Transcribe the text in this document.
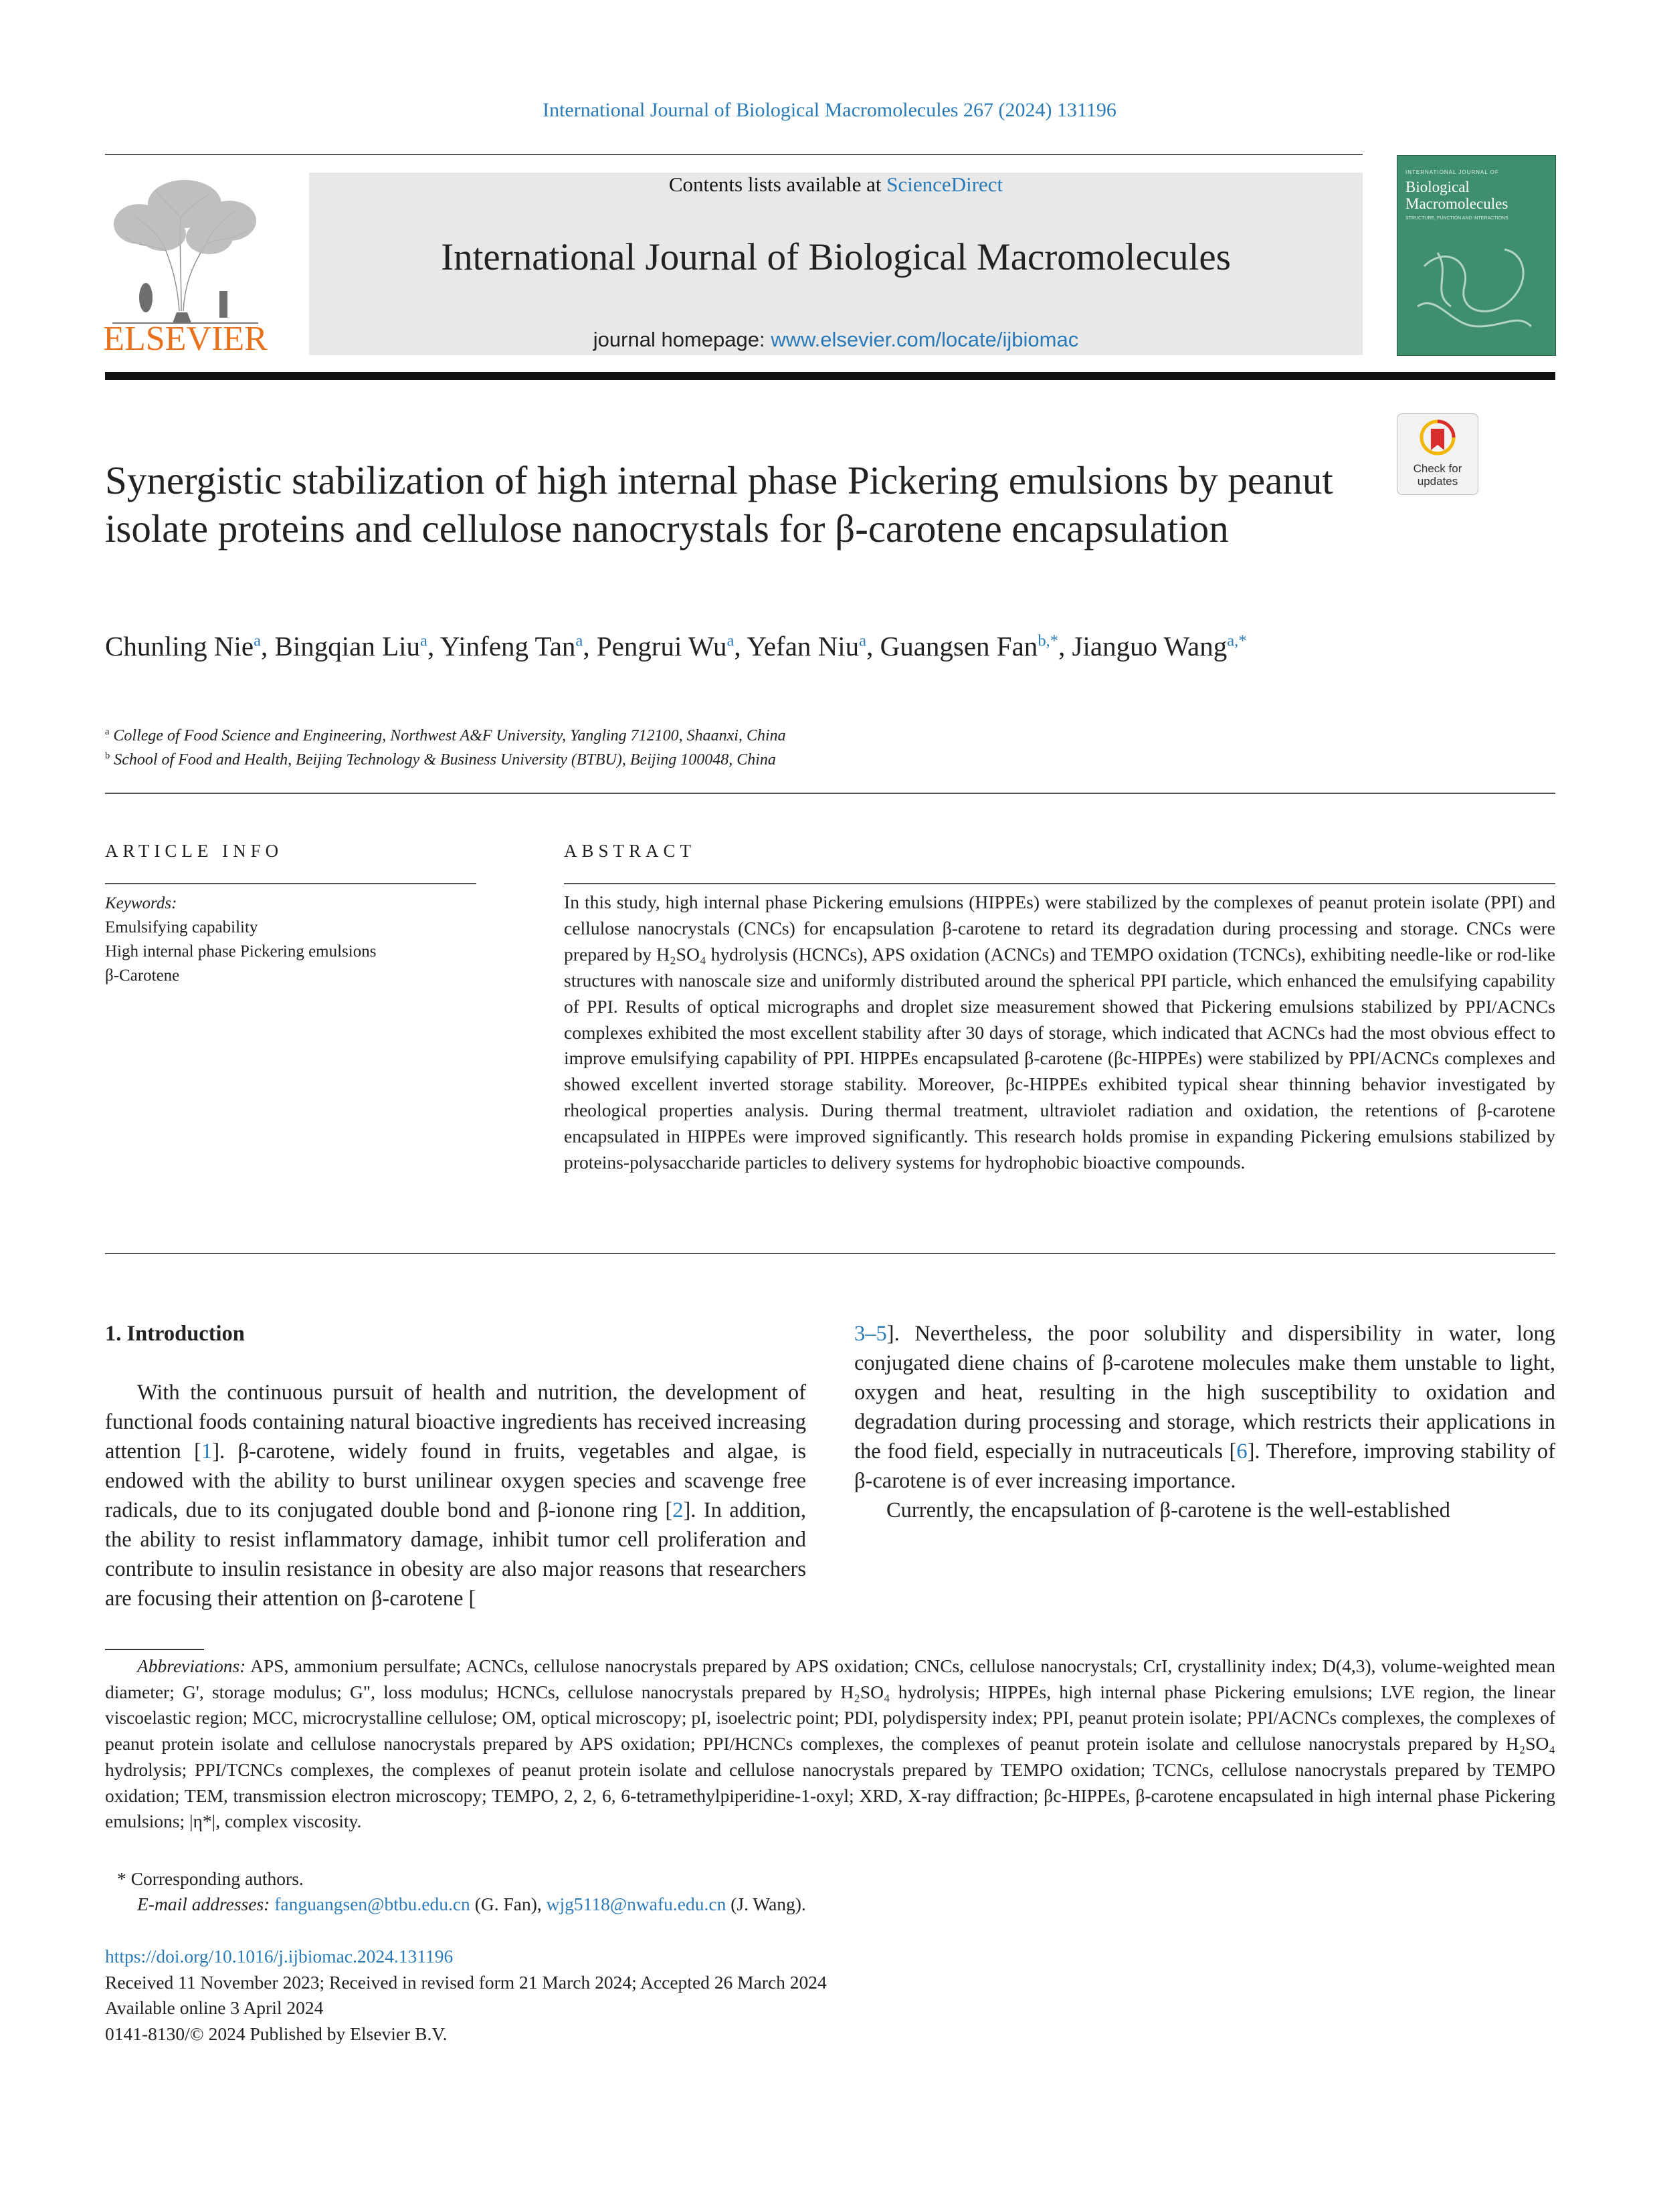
International Journal of Biological Macromolecules 267 (2024) 131196
ELSEVIER
Contents lists available at ScienceDirect
International Journal of Biological Macromolecules
journal homepage: www.elsevier.com/locate/ijbiomac
INTERNATIONAL JOURNAL OF
Biological Macromolecules
STRUCTURE, FUNCTION AND INTERACTIONS
Check for updates
Synergistic stabilization of high internal phase Pickering emulsions by peanut isolate proteins and cellulose nanocrystals for β-carotene encapsulation
Chunling Nie$^a$, Bingqian Liu$^a$, Yinfeng Tan$^a$, Pengrui Wu$^a$, Yefan Niu$^a$, Guangsen Fan$^{b,*}$, Jianguo Wang$^{a,*}$
$^a$ College of Food Science and Engineering, Northwest A&F University, Yangling 712100, Shaanxi, China
$^b$ School of Food and Health, Beijing Technology & Business University (BTBU), Beijing 100048, China
ARTICLE INFO
Keywords:
Emulsifying capability
High internal phase Pickering emulsions
β-Carotene
ABSTRACT
In this study, high internal phase Pickering emulsions (HIPPEs) were stabilized by the complexes of peanut protein isolate (PPI) and cellulose nanocrystals (CNCs) for encapsulation β-carotene to retard its degradation during processing and storage. CNCs were prepared by H₂SO₄ hydrolysis (HCNCs), APS oxidation (ACNCs) and TEMPO oxidation (TCNCs), exhibiting needle-like or rod-like structures with nanoscale size and uniformly distributed around the spherical PPI particle, which enhanced the emulsifying capability of PPI. Results of optical micrographs and droplet size measurement showed that Pickering emulsions stabilized by PPI/ACNCs complexes exhibited the most excellent stability after 30 days of storage, which indicated that ACNCs had the most obvious effect to improve emulsifying capability of PPI. HIPPEs encapsulated β-carotene (βc-HIPPEs) were stabilized by PPI/ACNCs complexes and showed excellent inverted storage stability. Moreover, βc-HIPPEs exhibited typical shear thinning behavior investigated by rheological properties analysis. During thermal treatment, ultraviolet radiation and oxidation, the retentions of β-carotene encapsulated in HIPPEs were improved significantly. This research holds promise in expanding Pickering emulsions stabilized by proteins-polysaccharide particles to delivery systems for hydrophobic bioactive compounds.
1. Introduction
With the continuous pursuit of health and nutrition, the development of functional foods containing natural bioactive ingredients has received increasing attention [1]. β-carotene, widely found in fruits, vegetables and algae, is endowed with the ability to burst unilinear oxygen species and scavenge free radicals, due to its conjugated double bond and β-ionone ring [2]. In addition, the ability to resist inflammatory damage, inhibit tumor cell proliferation and contribute to insulin resistance in obesity are also major reasons that researchers are focusing their attention on β-carotene [
3–5]. Nevertheless, the poor solubility and dispersibility in water, long conjugated diene chains of β-carotene molecules make them unstable to light, oxygen and heat, resulting in the high susceptibility to oxidation and degradation during processing and storage, which restricts their applications in the food field, especially in nutraceuticals [6]. Therefore, improving stability of β-carotene is of ever increasing importance.
Currently, the encapsulation of β-carotene is the well-established
Abbreviations: APS, ammonium persulfate; ACNCs, cellulose nanocrystals prepared by APS oxidation; CNCs, cellulose nanocrystals; CrI, crystallinity index; D(4,3), volume-weighted mean diameter; G', storage modulus; G", loss modulus; HCNCs, cellulose nanocrystals prepared by H₂SO₄ hydrolysis; HIPPEs, high internal phase Pickering emulsions; LVE region, the linear viscoelastic region; MCC, microcrystalline cellulose; OM, optical microscopy; pI, isoelectric point; PDI, polydispersity index; PPI, peanut protein isolate; PPI/ACNCs complexes, the complexes of peanut protein isolate and cellulose nanocrystals prepared by APS oxidation; PPI/HCNCs complexes, the complexes of peanut protein isolate and cellulose nanocrystals prepared by H₂SO₄ hydrolysis; PPI/TCNCs complexes, the complexes of peanut protein isolate and cellulose nanocrystals prepared by TEMPO oxidation; TCNCs, cellulose nanocrystals prepared by TEMPO oxidation; TEM, transmission electron microscopy; TEMPO, 2, 2, 6, 6-tetramethylpiperidine-1-oxyl; XRD, X-ray diffraction; βc-HIPPEs, β-carotene encapsulated in high internal phase Pickering emulsions; |η*|, complex viscosity.
* Corresponding authors.
E-mail addresses: fanguangsen@btbu.edu.cn (G. Fan), wjg5118@nwafu.edu.cn (J. Wang).
https://doi.org/10.1016/j.ijbiomac.2024.131196
Received 11 November 2023; Received in revised form 21 March 2024; Accepted 26 March 2024
Available online 3 April 2024
0141-8130/© 2024 Published by Elsevier B.V.
